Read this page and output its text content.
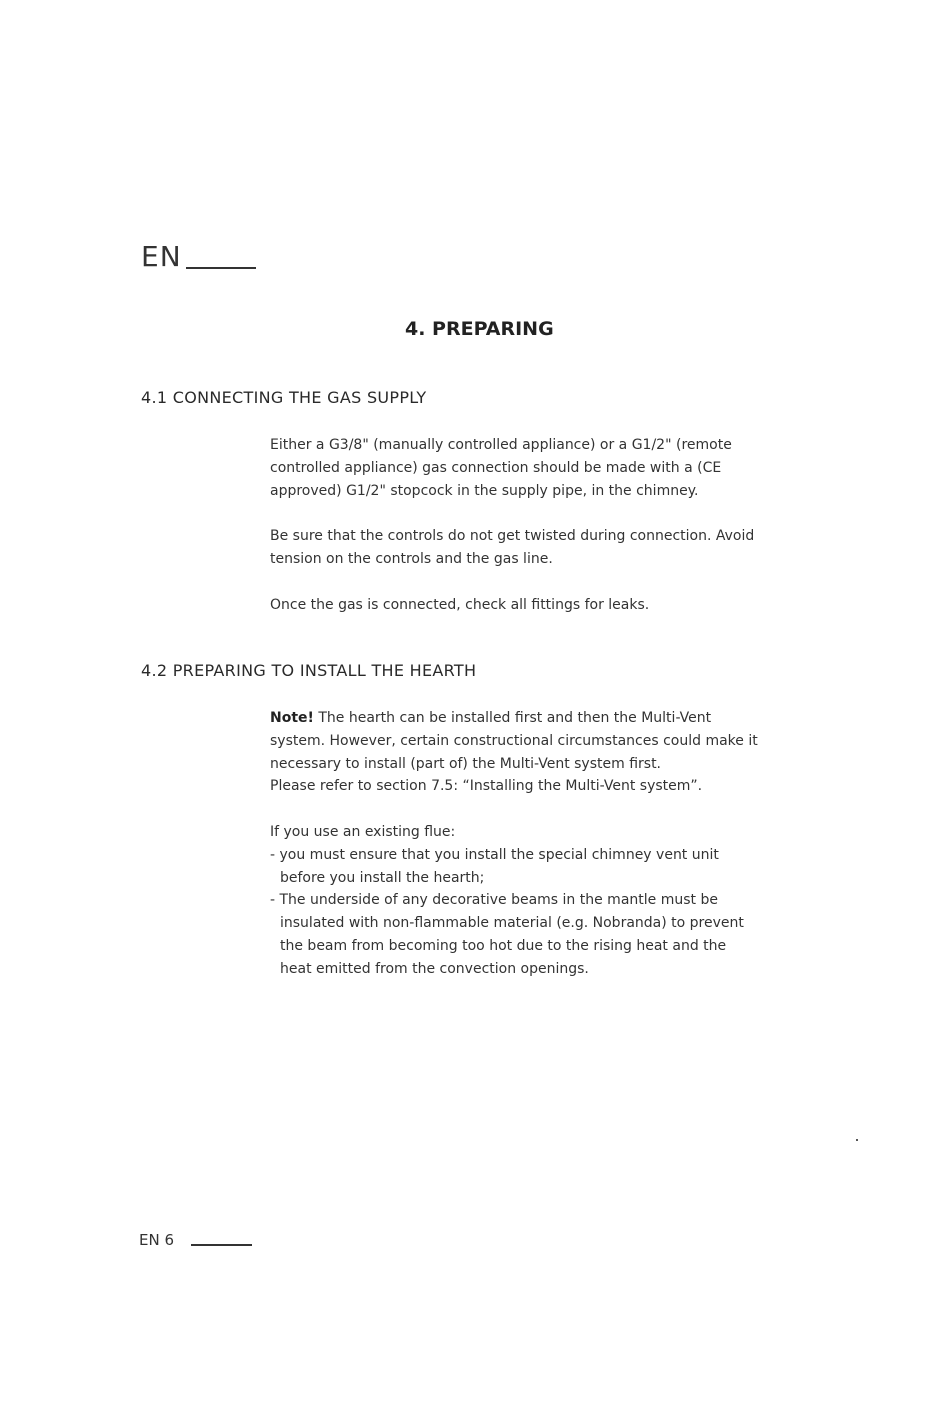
EN
4. PREPARING
4.1 CONNECTING THE GAS SUPPLY
Either a G3/8" (manually controlled appliance) or a G1/2" (remote
controlled appliance) gas connection should be made with a (CE
approved) G1/2" stopcock in the supply pipe, in the chimney.
Be sure that the controls do not get twisted during connection. Avoid
tension on the controls and the gas line.
Once the gas is connected, check all fittings for leaks.
4.2 PREPARING TO INSTALL THE HEARTH
Note! The hearth can be installed first and then the Multi-Vent
system. However, certain constructional circumstances could make it
necessary to install (part of) the Multi-Vent system first.
Please refer to section 7.5: “Installing the Multi-Vent system”.
If you use an existing flue:
- you must ensure that you install the special chimney vent unit
before you install the hearth;
- The underside of any decorative beams in the mantle must be
insulated with non-flammable material (e.g. Nobranda) to prevent
the beam from becoming too hot due to the rising heat and the
heat emitted from the convection openings.
EN 6
